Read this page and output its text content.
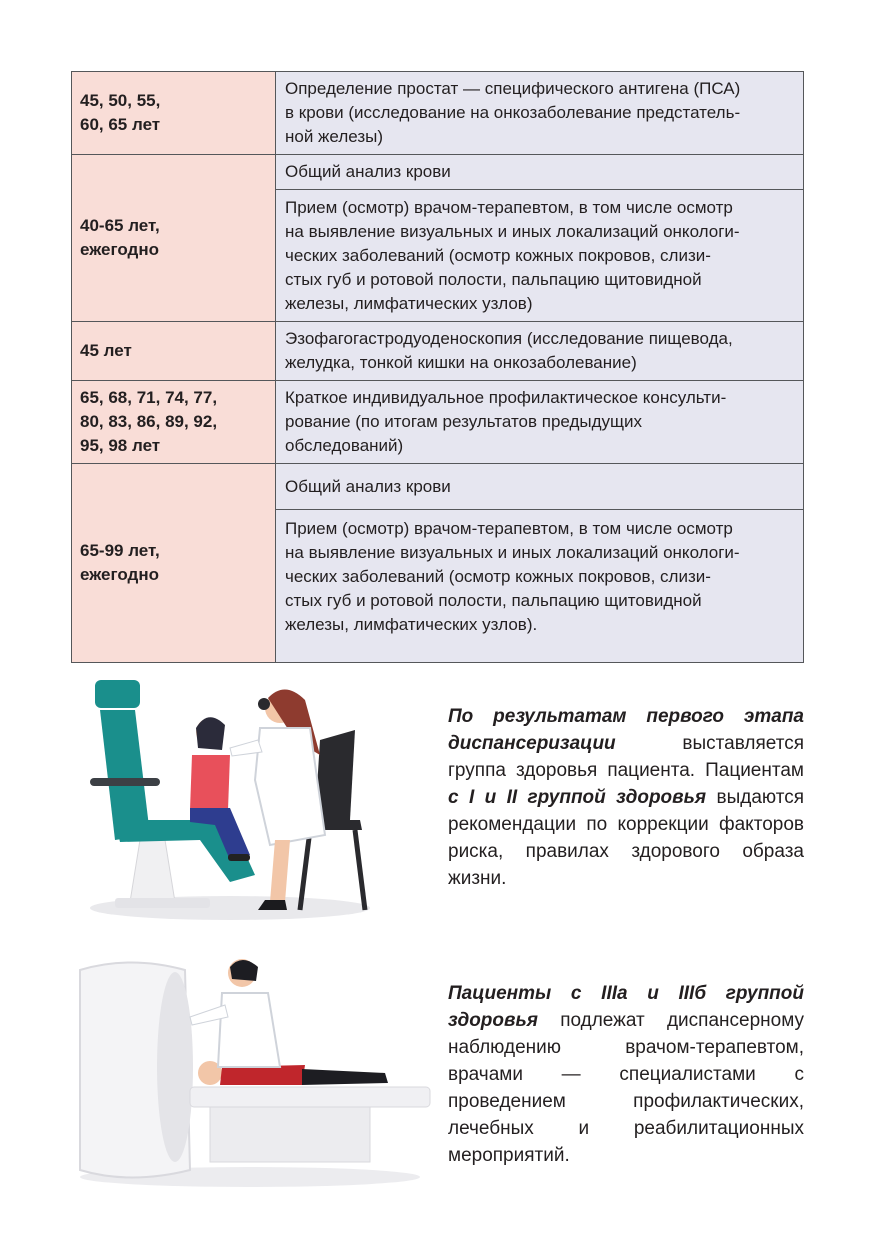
45, 50, 55,
60, 65 лет	Определение простат — специфического антигена (ПСА)
в крови (исследование на онкозаболевание предстатель-
ной железы)
40-65 лет,
ежегодно	Общий анализ крови
	Прием (осмотр) врачом-терапевтом, в том числе осмотр
на выявление визуальных и иных локализаций онкологи-
ческих заболеваний (осмотр кожных покровов, слизи-
стых губ и ротовой полости, пальпацию щитовидной
железы, лимфатических узлов)
45 лет	Эзофагогастродуоденоскопия (исследование пищевода,
желудка, тонкой кишки на онкозаболевание)
65, 68, 71, 74, 77,
80, 83, 86, 89, 92,
95, 98 лет	Краткое индивидуальное профилактическое консульти-
рование (по итогам результатов предыдущих
обследований)
65-99 лет,
ежегодно	Общий анализ крови
	Прием (осмотр) врачом-терапевтом, в том числе осмотр
на выявление визуальных и иных локализаций онкологи-
ческих заболеваний (осмотр кожных покровов, слизи-
стых губ и ротовой полости, пальпацию щитовидной
железы, лимфатических узлов).

По результатам первого этапа диспансеризации выставляется группа здоровья пациента. Пациентам с I и II группой здоровья выдаются рекомендации по коррекции факторов риска, правилах здорового образа жизни.

Пациенты с IIIа и IIIб группой здоровья подлежат диспансерному наблюдению врачом-терапевтом, врачами — специалистами с проведением профилактических, лечебных и реабилитационных мероприятий.
